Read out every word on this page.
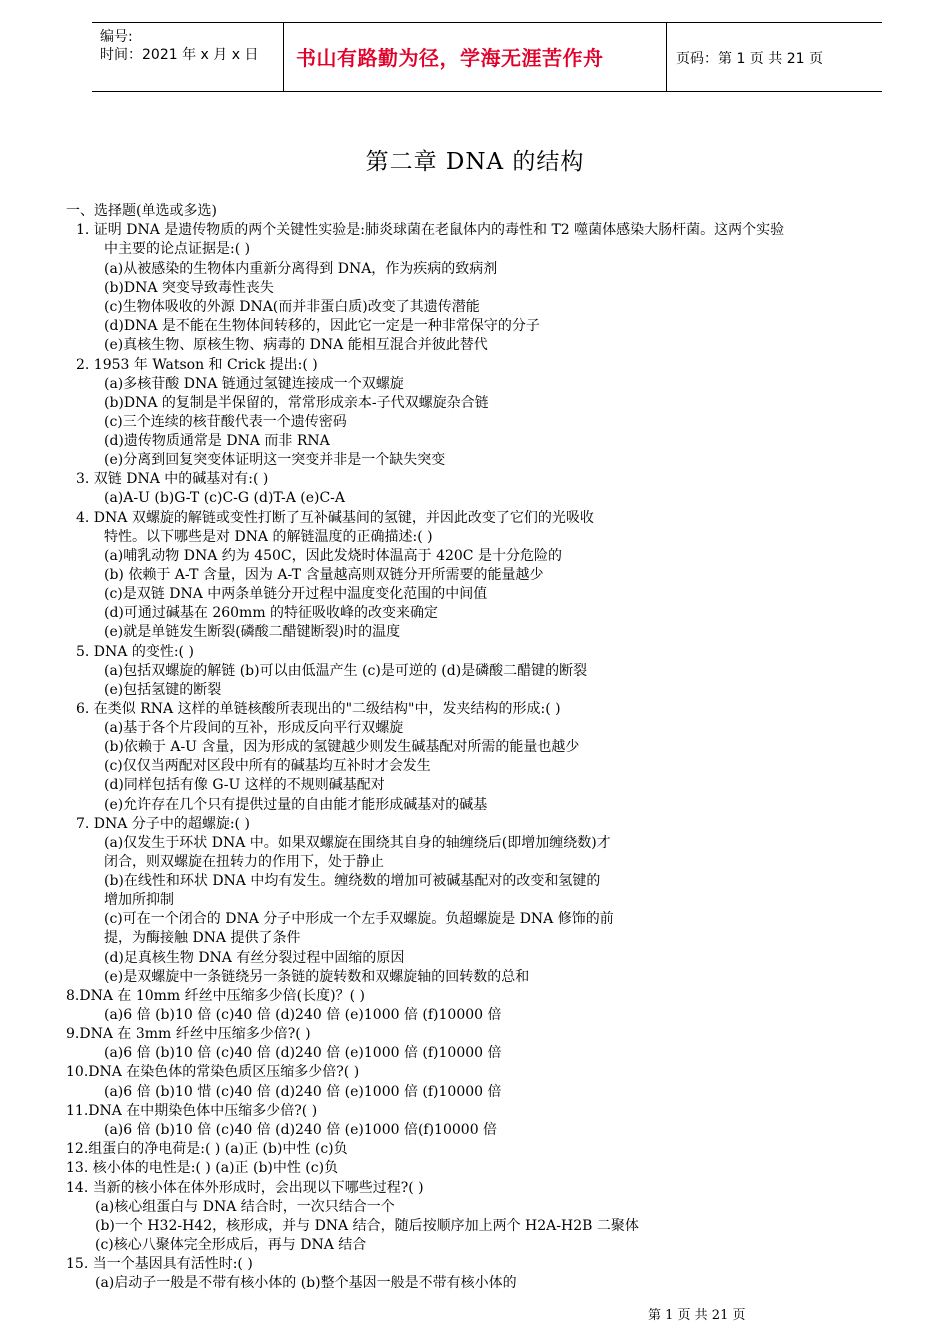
编号:
时间：2021 年 x 月 x 日 书山有路勤为径，学海无涯苦作舟	页码：第 1 页 共 21 页
第二章 DNA 的结构
一、选择题(单选或多选)
1. 证明 DNA 是遗传物质的两个关键性实验是:肺炎球菌在老鼠体内的毒性和 T2 噬菌体感染大肠杆菌。这两个实验
中主要的论点证据是:( )
(a)从被感染的生物体内重新分离得到 DNA，作为疾病的致病剂
(b)DNA 突变导致毒性丧失
(c)生物体吸收的外源 DNA(而并非蛋白质)改变了其遗传潜能
(d)DNA 是不能在生物体间转移的，因此它一定是一种非常保守的分子
(e)真核生物、原核生物、病毒的 DNA 能相互混合并彼此替代
2. 1953 年 Watson 和 Crick 提出:( )
(a)多核苷酸 DNA 链通过氢键连接成一个双螺旋
(b)DNA 的复制是半保留的，常常形成亲本-子代双螺旋杂合链
(c)三个连续的核苷酸代表一个遗传密码
(d)遗传物质通常是 DNA 而非 RNA
(e)分离到回复突变体证明这一突变并非是一个缺失突变
3. 双链 DNA 中的碱基对有:( )
(a)A-U (b)G-T (c)C-G (d)T-A (e)C-A
4. DNA 双螺旋的解链或变性打断了互补碱基间的氢键，并因此改变了它们的光吸收
特性。以下哪些是对 DNA 的解链温度的正确描述:( )
(a)哺乳动物 DNA 约为 450C，因此发烧时体温高于 420C 是十分危险的
(b) 依赖于 A-T 含量，因为 A-T 含量越高则双链分开所需要的能量越少
(c)是双链 DNA 中两条单链分开过程中温度变化范围的中间值
(d)可通过碱基在 260mm 的特征吸收峰的改变来确定
(e)就是单链发生断裂(磷酸二醋键断裂)时的温度
5. DNA 的变性:( )
(a)包括双螺旋的解链 (b)可以由低温产生 (c)是可逆的 (d)是磷酸二醋键的断裂
(e)包括氢键的断裂
6. 在类似 RNA 这样的单链核酸所表现出的"二级结构"中，发夹结构的形成:( )
(a)基于各个片段间的互补，形成反向平行双螺旋
(b)依赖于 A-U 含量，因为形成的氢键越少则发生碱基配对所需的能量也越少
(c)仅仅当两配对区段中所有的碱基均互补时才会发生
(d)同样包括有像 G-U 这样的不规则碱基配对
(e)允许存在几个只有提供过量的自由能才能形成碱基对的碱基
7. DNA 分子中的超螺旋:( )
(a)仅发生于环状 DNA 中。如果双螺旋在围绕其自身的轴缠绕后(即增加缠绕数)才
闭合，则双螺旋在扭转力的作用下，处于静止
(b)在线性和环状 DNA 中均有发生。缠绕数的增加可被碱基配对的改变和氢键的
增加所抑制
(c)可在一个闭合的 DNA 分子中形成一个左手双螺旋。负超螺旋是 DNA 修饰的前
提，为酶接触 DNA 提供了条件
(d)足真核生物 DNA 有丝分裂过程中固缩的原因
(e)是双螺旋中一条链绕另一条链的旋转数和双螺旋轴的回转数的总和
8.DNA 在 10mm 纤丝中压缩多少倍(长度)？( )
(a)6 倍 (b)10 倍 (c)40 倍 (d)240 倍 (e)1000 倍 (f)10000 倍
9.DNA 在 3mm 纤丝中压缩多少倍?( )
(a)6 倍 (b)10 倍 (c)40 倍 (d)240 倍 (e)1000 倍 (f)10000 倍
10.DNA 在染色体的常染色质区压缩多少倍?( )
(a)6 倍 (b)10 惜 (c)40 倍 (d)240 倍 (e)1000 倍 (f)10000 倍
11.DNA 在中期染色体中压缩多少倍?( )
(a)6 倍 (b)10 倍 (c)40 倍 (d)240 倍 (e)1000 倍(f)10000 倍
12.组蛋白的净电荷是:( ) (a)正 (b)中性 (c)负
13. 核小体的电性是:( ) (a)正 (b)中性 (c)负
14. 当新的核小体在体外形成时，会出现以下哪些过程?( )
(a)核心组蛋白与 DNA 结合时，一次只结合一个
(b)一个 H32-H42，核形成，并与 DNA 结合，随后按顺序加上两个 H2A-H2B 二聚体
(c)核心八聚体完全形成后，再与 DNA 结合
15. 当一个基因具有活性时:( )
(a)启动子一般是不带有核小体的 (b)整个基因一般是不带有核小体的
第 1 页 共 21 页
